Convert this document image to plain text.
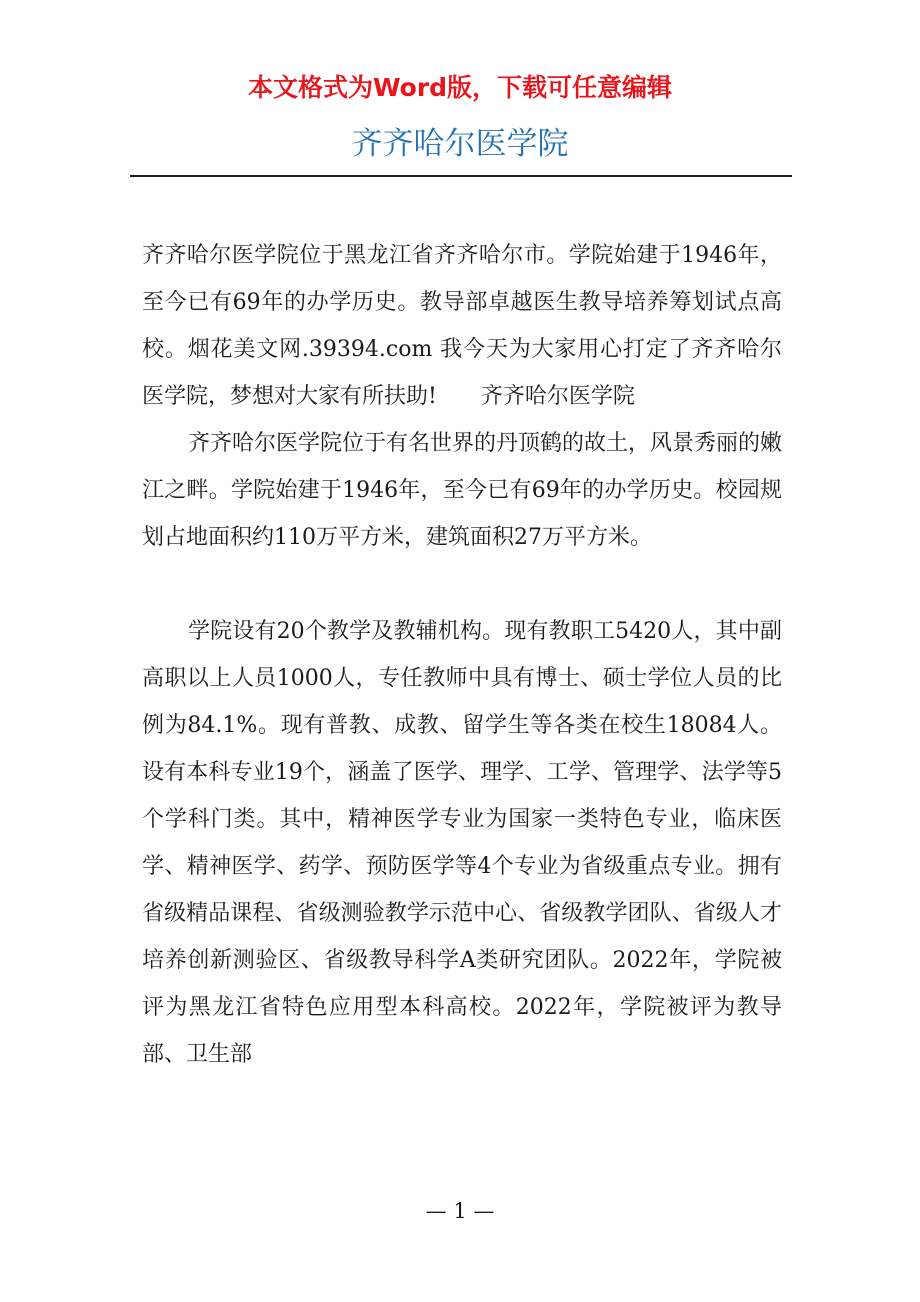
本文格式为Word版，下载可任意编辑
齐齐哈尔医学院

齐齐哈尔医学院位于黑龙江省齐齐哈尔市。学院始建于1946年，至今已有69年的办学历史。教导部卓越医生教导培养筹划试点高校。烟花美文网.39394.com 我今天为大家用心打定了齐齐哈尔医学院，梦想对大家有所扶助!　　齐齐哈尔医学院

齐齐哈尔医学院位于有名世界的丹顶鹤的故土，风景秀丽的嫩江之畔。学院始建于1946年，至今已有69年的办学历史。校园规划占地面积约110万平方米，建筑面积27万平方米。

学院设有20个教学及教辅机构。现有教职工5420人，其中副高职以上人员1000人，专任教师中具有博士、硕士学位人员的比例为84.1%。现有普教、成教、留学生等各类在校生18084人。设有本科专业19个，涵盖了医学、理学、工学、管理学、法学等5个学科门类。其中，精神医学专业为国家一类特色专业，临床医学、精神医学、药学、预防医学等4个专业为省级重点专业。拥有省级精品课程、省级测验教学示范中心、省级教学团队、省级人才培养创新测验区、省级教导科学A类研究团队。2022年，学院被评为黑龙江省特色应用型本科高校。2022年，学院被评为教导部、卫生部

— 1 —
